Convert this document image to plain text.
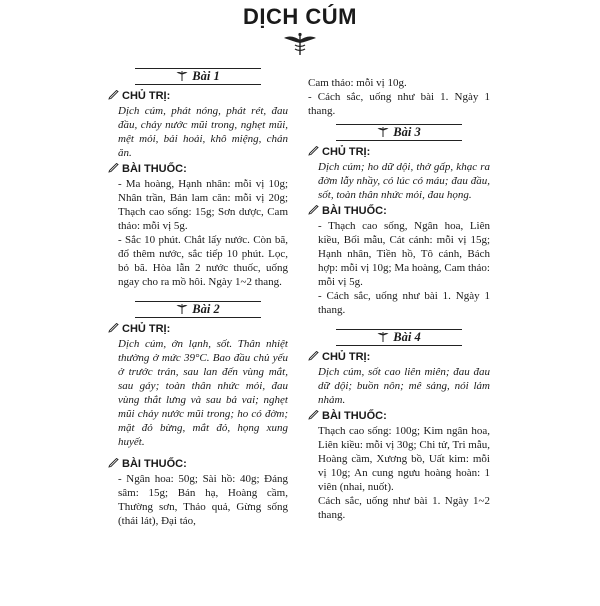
DỊCH CÚM
Bài 1
CHỦ TRỊ:

Dịch cúm, phát nóng, phát rét, đau đầu, chảy nước mũi trong, nghẹt mũi, mệt mỏi, bải hoải, khô miệng, chán ăn.

BÀI THUỐC:

- Ma hoàng, Hạnh nhân: mỗi vị 10g; Nhân trần, Bản lam căn: mỗi vị 20g; Thạch cao sống: 15g; Sơn dược, Cam thảo: mỗi vị 5g.

- Sắc 10 phút. Chắt lấy nước. Còn bã, đổ thêm nước, sắc tiếp 10 phút. Lọc, bỏ bã. Hòa lẫn 2 nước thuốc, uống ngay cho ra mồ hôi. Ngày 1~2 thang.

Bài 2
CHỦ TRỊ:

Dịch cúm, ớn lạnh, sốt. Thân nhiệt thường ở mức 39°C. Bao đầu chủ yếu ở trước trán, sau lan đến vùng mắt, sau gáy; toàn thân nhức mỏi, đau vùng thắt lưng và sau bả vai; nghẹt mũi chảy nước mũi trong; ho có đờm; mặt đỏ bừng, mắt đỏ, họng xung huyết.

BÀI THUỐC:

- Ngân hoa: 50g; Sài hồ: 40g; Đảng sâm: 15g; Bán hạ, Hoàng cầm, Thường sơn, Thảo quả, Gừng sống (thái lát), Đại táo,

Cam thảo: mỗi vị 10g.

- Cách sắc, uống như bài 1. Ngày 1 thang.

Bài 3
CHỦ TRỊ:

Dịch cúm; ho dữ dội, thở gấp, khạc ra đờm lẫy nhầy, có lúc có máu; đau đầu, sốt, toàn thân nhức mỏi, đau họng.

BÀI THUỐC:

- Thạch cao sống, Ngân hoa, Liên kiều, Bối mẫu, Cát cánh: mỗi vị 15g; Hạnh nhân, Tiền hồ, Tô cánh, Bách hợp: mỗi vị 10g; Ma hoàng, Cam thảo: mỗi vị 5g.

- Cách sắc, uống như bài 1. Ngày 1 thang.

Bài 4
CHỦ TRỊ:

Dịch cúm, sốt cao liên miên; đau đau dữ dội; buồn nôn; mê sảng, nói lảm nhảm.

BÀI THUỐC:

Thạch cao sống: 100g; Kim ngân hoa, Liên kiều: mỗi vị 30g; Chi tử, Tri mẫu, Hoàng cầm, Xương bồ, Uất kim: mỗi vị 10g; An cung ngưu hoàng hoàn: 1 viên (nhai, nuốt).

Cách sắc, uống như bài 1. Ngày 1~2 thang.
